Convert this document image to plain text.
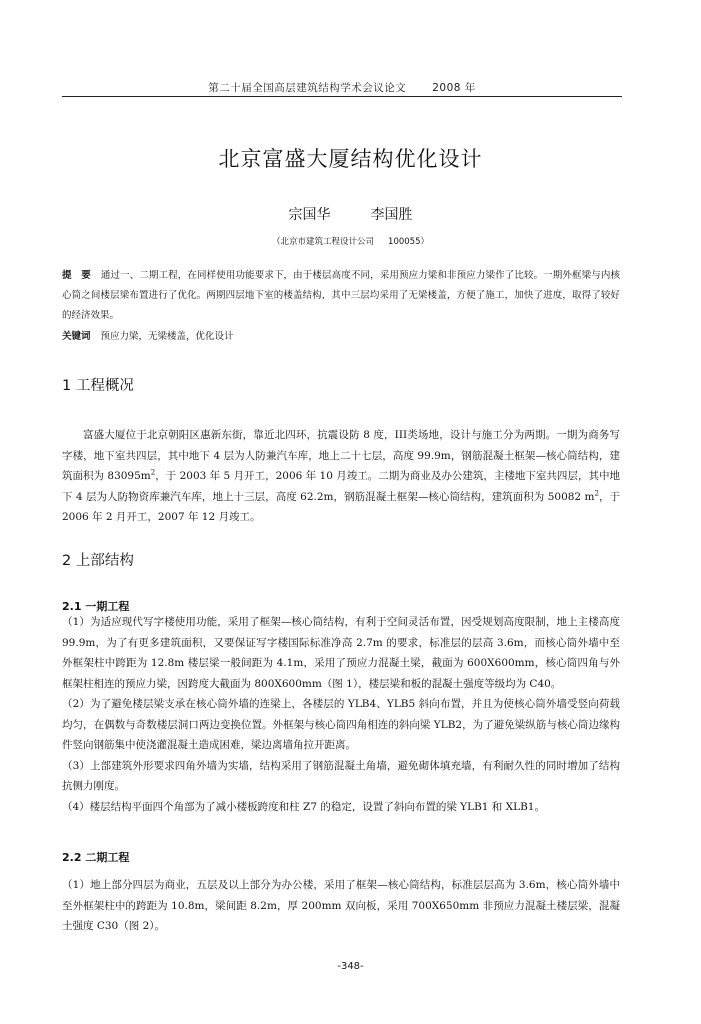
第二十届全国高层建筑结构学术会议论文 2008 年
北京富盛大厦结构优化设计
宗国华	李国胜
（北京市建筑工程设计公司 100055）

提　要 通过一、二期工程，在同样使用功能要求下，由于楼层高度不同，采用预应力梁和非预应力梁作了比较。一期外框梁与内核心筒之间楼层梁布置进行了优化。两期四层地下室的楼盖结构，其中三层均采用了无梁楼盖，方便了施工，加快了进度，取得了较好的经济效果。

关键词 预应力梁，无梁楼盖，优化设计

1 工程概况

富盛大厦位于北京朝阳区惠新东街，靠近北四环，抗震设防 8 度，III类场地，设计与施工分为两期。一期为商务写字楼，地下室共四层，其中地下 4 层为人防兼汽车库，地上二十七层，高度 99.9m，钢筋混凝土框架—核心筒结构，建筑面积为 $83095m^2$，于 2003 年 5 月开工，2006 年 10 月竣工。二期为商业及办公建筑，主楼地下室共四层，其中地下 4 层为人防物资库兼汽车库，地上十三层，高度 62.2m，钢筋混凝土框架—核心筒结构，建筑面积为 50082 $m^2$，于 2006 年 2 月开工，2007 年 12 月竣工。

2 上部结构
2.1 一期工程
（1）为适应现代写字楼使用功能，采用了框架—核心筒结构，有利于空间灵活布置，因受规划高度限制，地上主楼高度 99.9m，为了有更多建筑面积，又要保证写字楼国际标准净高 2.7m 的要求，标准层的层高 3.6m，而核心筒外墙中至外框架柱中跨距为 12.8m 楼层梁一般间距为 4.1m，采用了预应力混凝土梁，截面为 600X600mm，核心筒四角与外框架柱相连的预应力梁，因跨度大截面为 800X600mm（图 1），楼层梁和板的混凝土强度等级均为 C40。
（2）为了避免楼层梁支承在核心筒外墙的连梁上，各楼层的 YLB4、YLB5 斜向布置，并且为使核心筒外墙受竖向荷载均匀，在偶数与奇数楼层洞口两边变换位置。外框架与核心筒四角相连的斜向梁 YLB2，为了避免梁纵筋与核心筒边缘构件竖向钢筋集中使浇灌混凝土造成困难，梁边离墙角拉开距离。
（3）上部建筑外形要求四角外墙为实墙，结构采用了钢筋混凝土角墙，避免砌体填充墙，有利耐久性的同时增加了结构抗侧力刚度。
（4）楼层结构平面四个角部为了减小楼板跨度和柱 Z7 的稳定，设置了斜向布置的梁 YLB1 和 XLB1。
2.2 二期工程
（1）地上部分四层为商业，五层及以上部分为办公楼，采用了框架—核心筒结构，标准层层高为 3.6m，核心筒外墙中至外框架柱中的跨距为 10.8m，梁间距 8.2m，厚 200mm 双向板，采用 700X650mm 非预应力混凝土楼层梁，混凝土强度 C30（图 2）。
-348-
